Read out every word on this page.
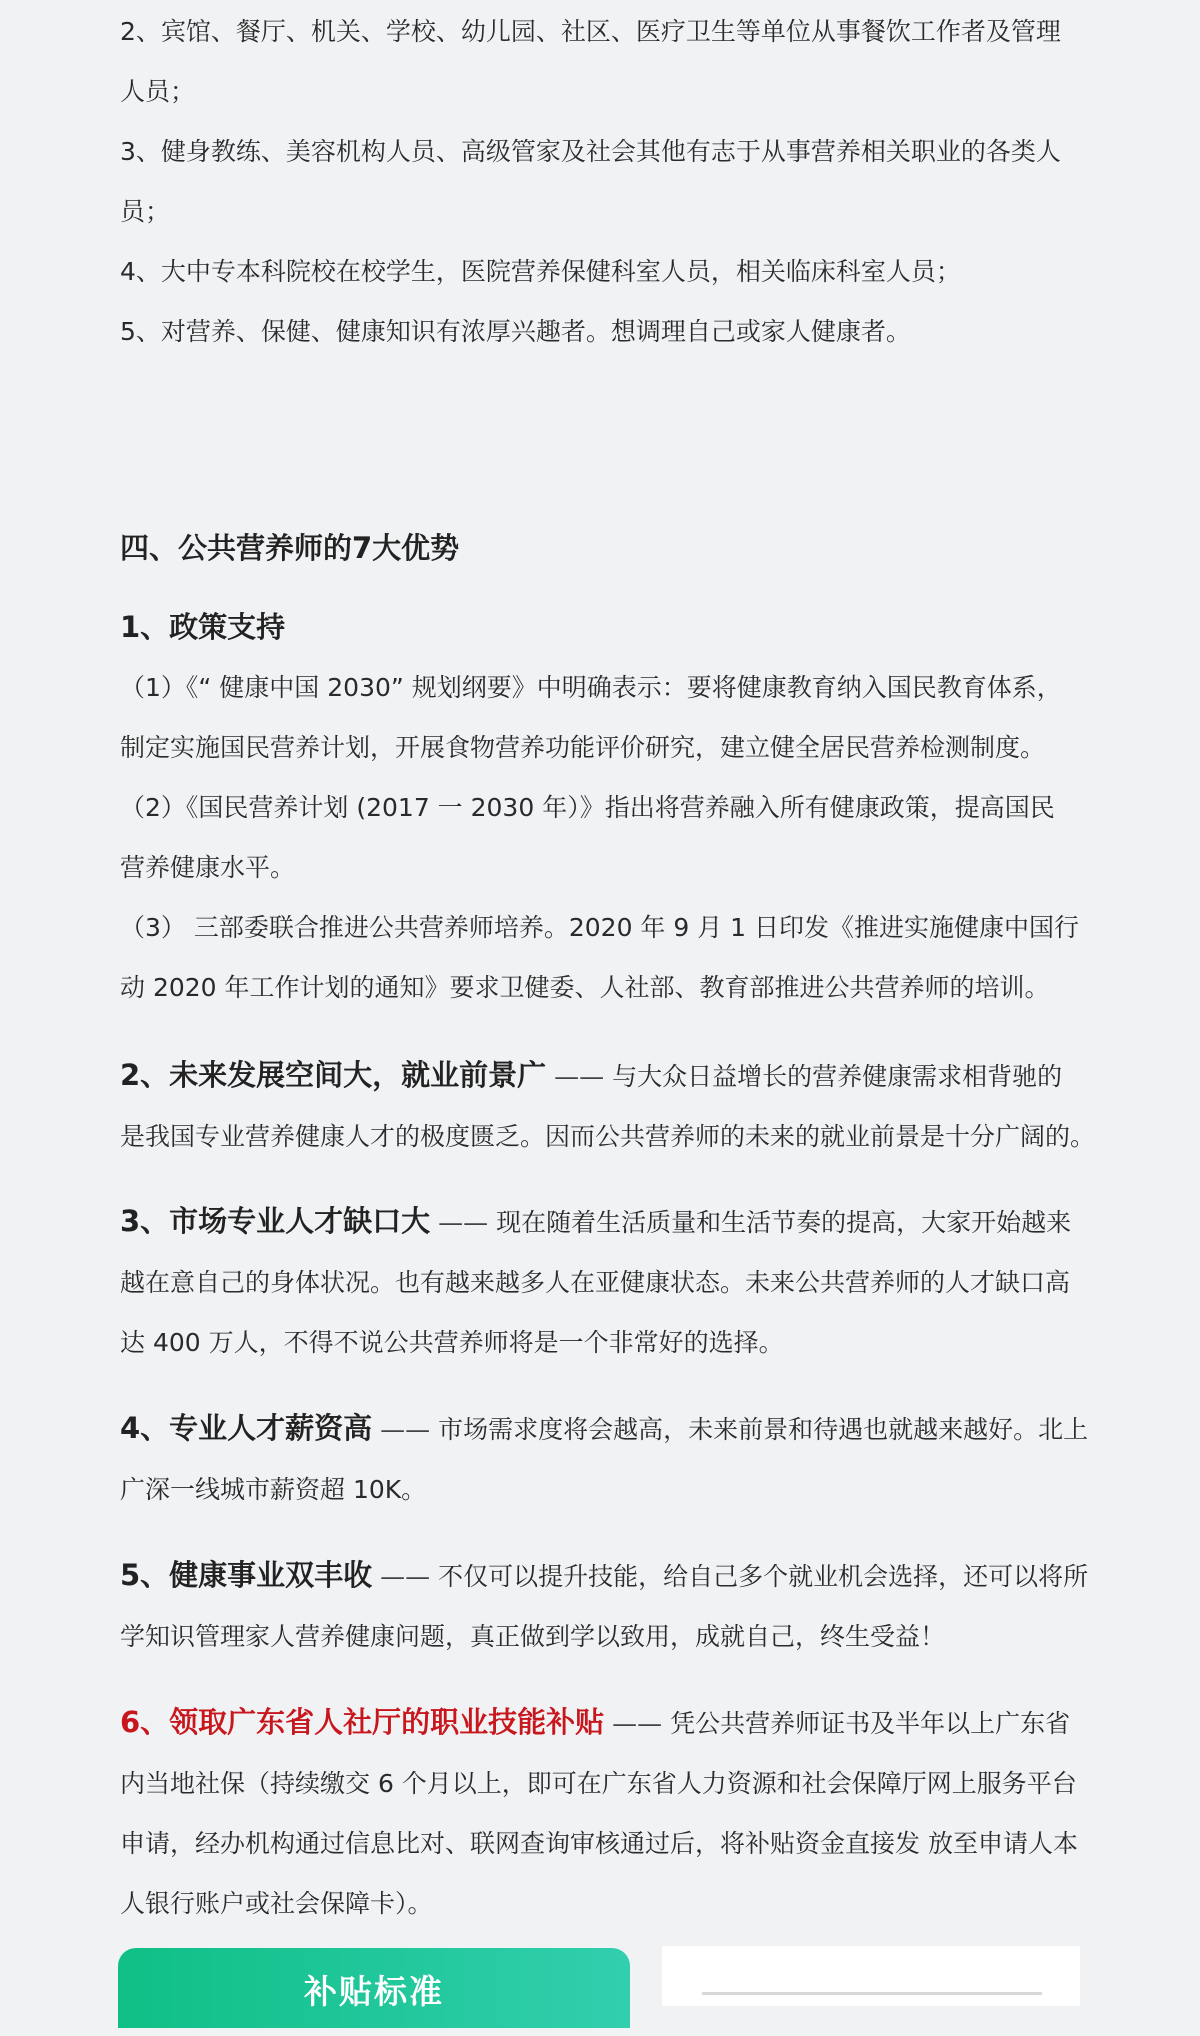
2、宾馆、餐厅、机关、学校、幼儿园、社区、医疗卫生等单位从事餐饮工作者及管理
人员；
3、健身教练、美容机构人员、高级管家及社会其他有志于从事营养相关职业的各类人
员；
4、大中专本科院校在校学生，医院营养保健科室人员，相关临床科室人员；
5、对营养、保健、健康知识有浓厚兴趣者。想调理自己或家人健康者。
四、公共营养师的7大优势
1、政策支持
（1）《“ 健康中国 2030” 规划纲要》中明确表示：要将健康教育纳入国民教育体系，
制定实施国民营养计划，开展食物营养功能评价研究，建立健全居民营养检测制度。
（2）《国民营养计划 (2017 一 2030 年）》指出将营养融入所有健康政策，提高国民
营养健康水平。
（3） 三部委联合推进公共营养师培养。2020 年 9 月 1 日印发《推进实施健康中国行
动 2020 年工作计划的通知》要求卫健委、人社部、教育部推进公共营养师的培训。
2、未来发展空间大，就业前景广 —— 与大众日益增长的营养健康需求相背驰的
是我国专业营养健康人才的极度匮乏。因而公共营养师的未来的就业前景是十分广阔的。
3、市场专业人才缺口大 —— 现在随着生活质量和生活节奏的提高，大家开始越来
越在意自己的身体状况。也有越来越多人在亚健康状态。未来公共营养师的人才缺口高
达 400 万人，不得不说公共营养师将是一个非常好的选择。
4、专业人才薪资高 —— 市场需求度将会越高，未来前景和待遇也就越来越好。北上
广深一线城市薪资超 10K。
5、健康事业双丰收 —— 不仅可以提升技能，给自己多个就业机会选择，还可以将所
学知识管理家人营养健康问题，真正做到学以致用，成就自己，终生受益！
6、领取广东省人社厅的职业技能补贴 —— 凭公共营养师证书及半年以上广东省
内当地社保（持续缴交 6 个月以上，即可在广东省人力资源和社会保障厅网上服务平台
申请，经办机构通过信息比对、联网查询审核通过后，将补贴资金直接发 放至申请人本
人银行账户或社会保障卡）。
补贴标准
